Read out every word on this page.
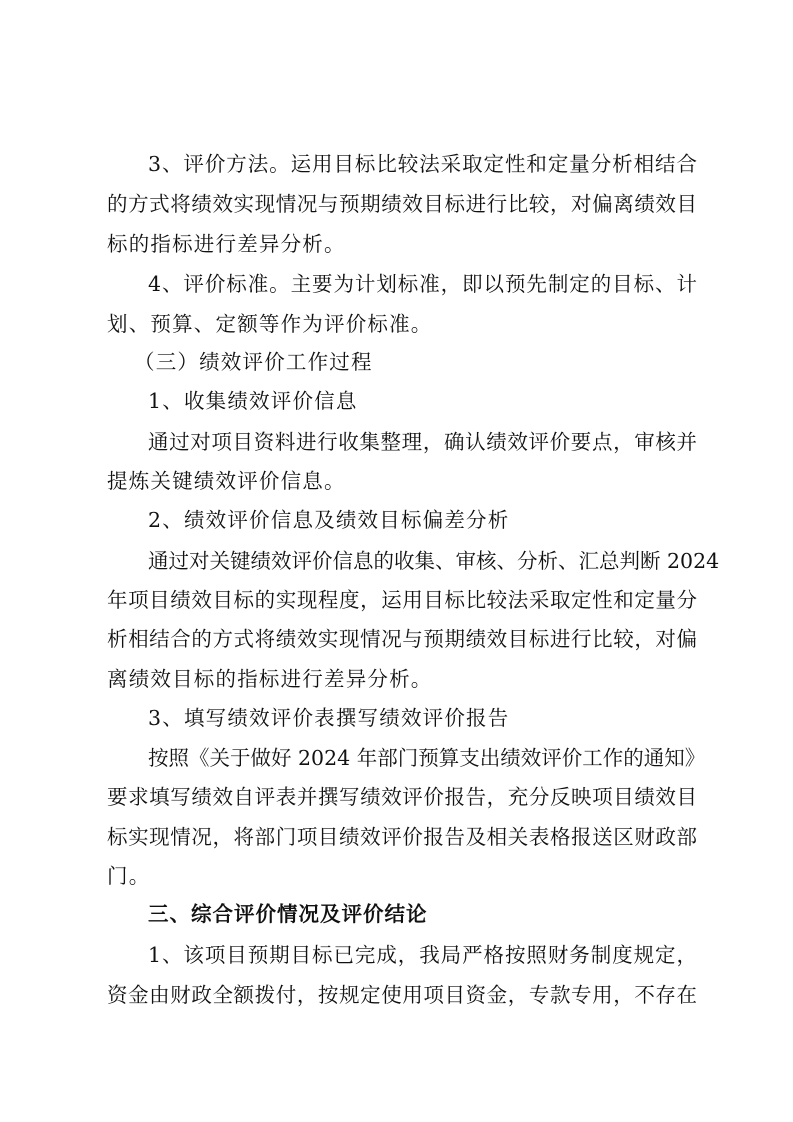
3、评价方法。运用目标比较法采取定性和定量分析相结合
的方式将绩效实现情况与预期绩效目标进行比较，对偏离绩效目
标的指标进行差异分析。
4、评价标准。主要为计划标准，即以预先制定的目标、计
划、预算、定额等作为评价标准。
（三）绩效评价工作过程
1、收集绩效评价信息
通过对项目资料进行收集整理，确认绩效评价要点，审核并
提炼关键绩效评价信息。
2、绩效评价信息及绩效目标偏差分析
通过对关键绩效评价信息的收集、审核、分析、汇总判断 2024
年项目绩效目标的实现程度，运用目标比较法采取定性和定量分
析相结合的方式将绩效实现情况与预期绩效目标进行比较，对偏
离绩效目标的指标进行差异分析。
3、填写绩效评价表撰写绩效评价报告
按照《关于做好 2024 年部门预算支出绩效评价工作的通知》
要求填写绩效自评表并撰写绩效评价报告，充分反映项目绩效目
标实现情况，将部门项目绩效评价报告及相关表格报送区财政部
门。
三、综合评价情况及评价结论
1、该项目预期目标已完成，我局严格按照财务制度规定，
资金由财政全额拨付，按规定使用项目资金，专款专用，不存在
